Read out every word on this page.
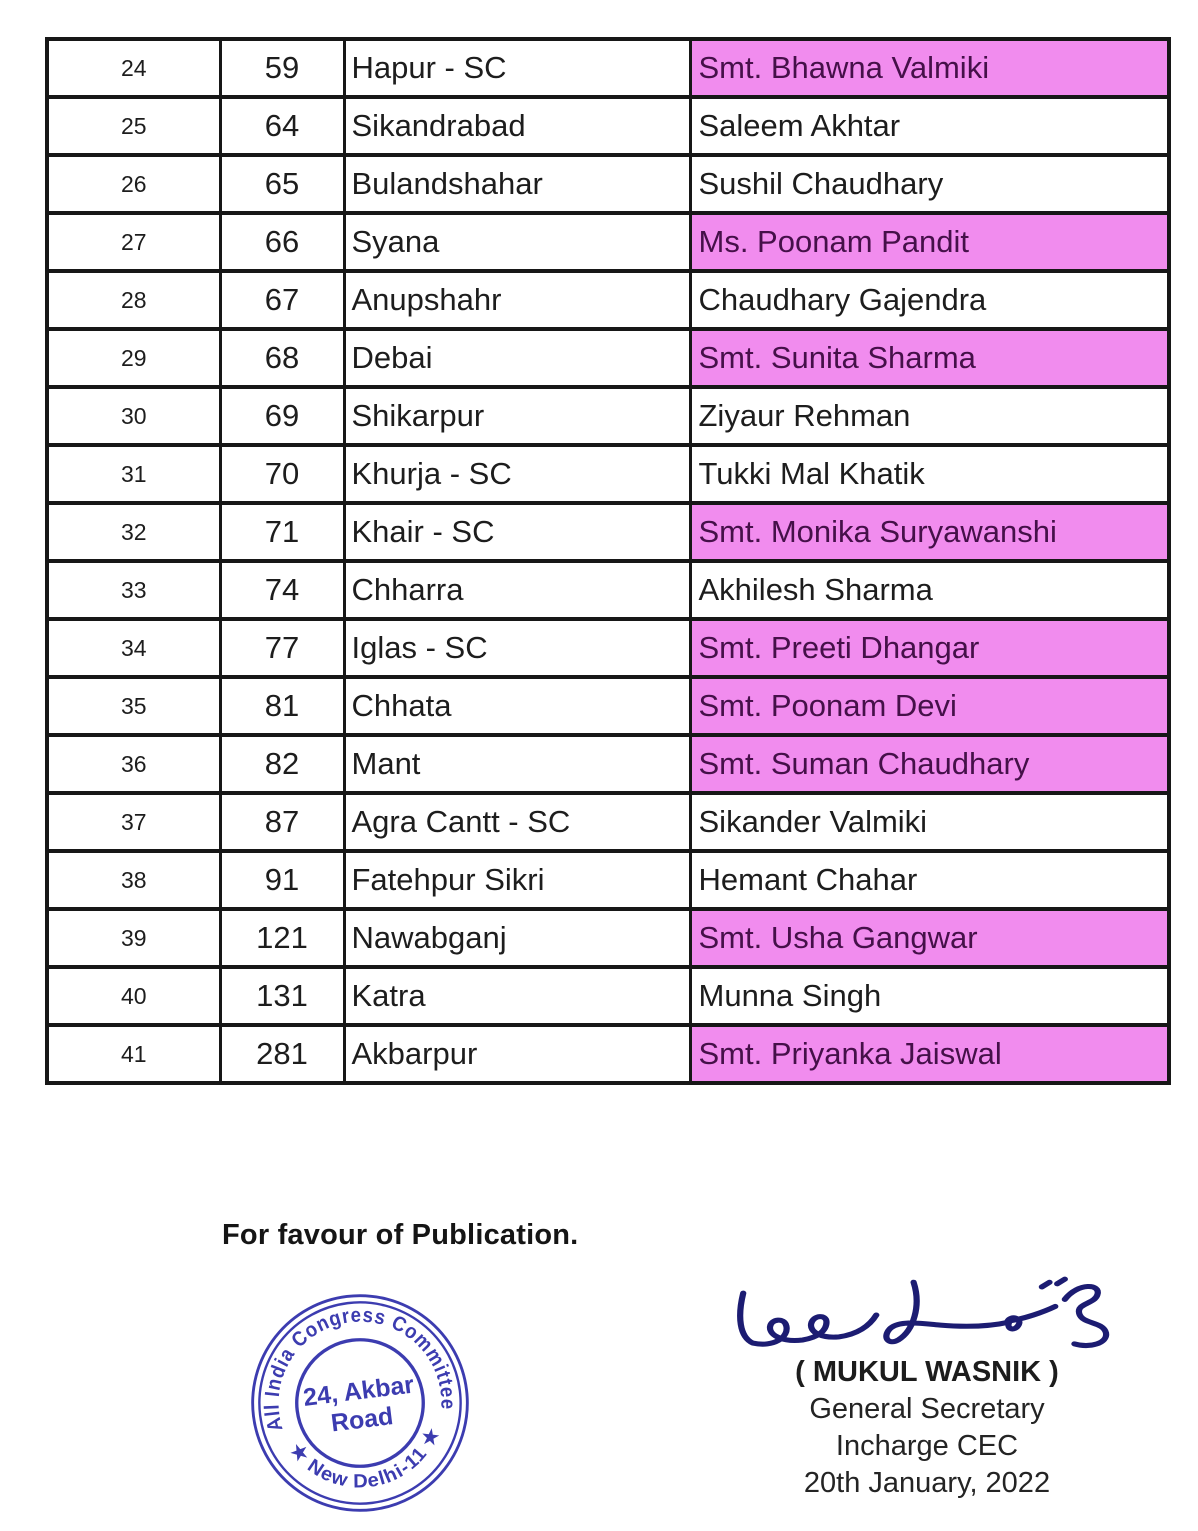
24	59	Hapur - SC	Smt. Bhawna Valmiki
25	64	Sikandrabad	Saleem Akhtar
26	65	Bulandshahar	Sushil Chaudhary
27	66	Syana	Ms. Poonam Pandit
28	67	Anupshahr	Chaudhary Gajendra
29	68	Debai	Smt. Sunita Sharma
30	69	Shikarpur	Ziyaur Rehman
31	70	Khurja - SC	Tukki Mal Khatik
32	71	Khair - SC	Smt. Monika Suryawanshi
33	74	Chharra	Akhilesh Sharma
34	77	Iglas - SC	Smt. Preeti Dhangar
35	81	Chhata	Smt. Poonam Devi
36	82	Mant	Smt. Suman Chaudhary
37	87	Agra Cantt - SC	Sikander Valmiki
38	91	Fatehpur Sikri	Hemant Chahar
39	121	Nawabganj	Smt. Usha Gangwar
40	131	Katra	Munna Singh
41	281	Akbarpur	Smt. Priyanka Jaiswal
For favour of Publication.
All India Congress Committee
★ New Delhi-11 ★
24, Akbar
Road
( MUKUL WASNIK )
General Secretary
Incharge CEC
20th January, 2022
